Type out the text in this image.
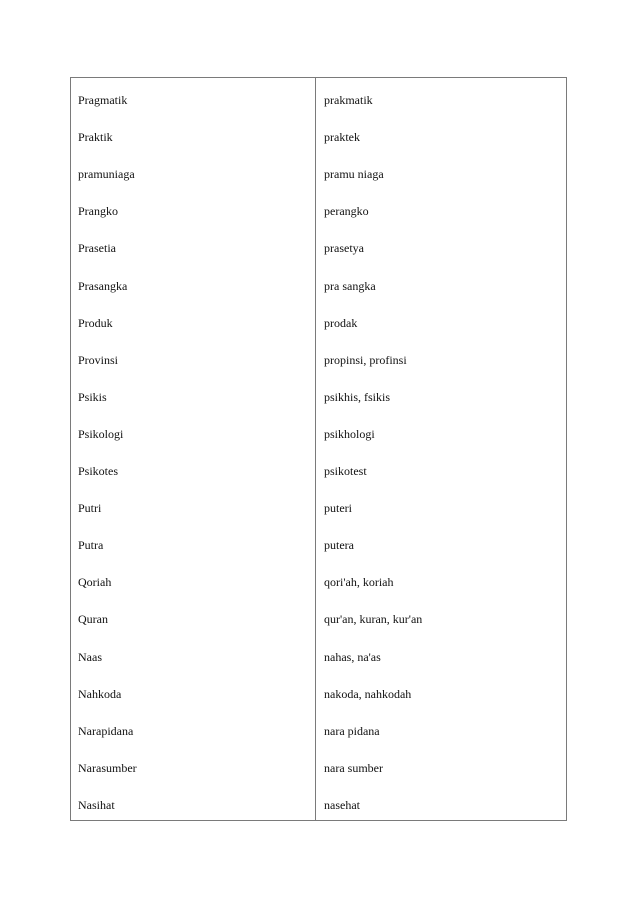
Pragmatik	prakmatik
Praktik	praktek
pramuniaga	pramu niaga
Prangko	perangko
Prasetia	prasetya
Prasangka	pra sangka
Produk	prodak
Provinsi	propinsi, profinsi
Psikis	psikhis, fsikis
Psikologi	psikhologi
Psikotes	psikotest
Putri	puteri
Putra	putera
Qoriah	qori'ah, koriah
Quran	qur'an, kuran, kur'an
Naas	nahas, na'as
Nahkoda	nakoda, nahkodah
Narapidana	nara pidana
Narasumber	nara sumber
Nasihat	nasehat
